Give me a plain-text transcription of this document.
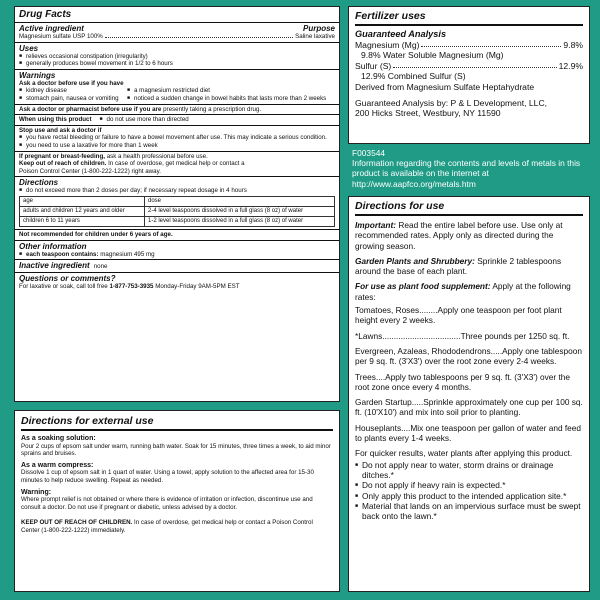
Drug Facts
Active ingredient	Purpose
Magnesium sulfate USP 100%	Saline laxative
Uses
■ relieves occasional constipation (irregularity)
■ generally produces bowel movement in 1/2 to 6 hours
Warnings
Ask a doctor before use if you have
■ kidney disease
■ stomach pain, nausea or vomiting
■ a magnesium restricted diet
■ noticed a sudden change in bowel habits that lasts more than 2 weeks
Ask a doctor or pharmacist before use if you are presently taking a prescription drug.
When using this product ■ do not use more than directed
Stop use and ask a doctor if
■ you have rectal bleeding or failure to have a bowel movement after use. This may indicate a serious condition.
■ you need to use a laxative for more than 1 week
If pregnant or breast-feeding, ask a health professional before use.
Keep out of reach of children. In case of overdose, get medical help or contact a Poison Control Center (1-800-222-1222) right away.
Directions
■ do not exceed more than 2 doses per day; if necessary repeat dosage in 4 hours
age	dose
adults and children 12 years and older	2-4 level teaspoons dissolved in a full glass (8 oz) of water
children 6 to 11 years	1-2 level teaspoons dissolved in a full glass (8 oz) of water
Not recommended for children under 6 years of age.
Other information
■ each teaspoon contains: magnesium 495 mg
Inactive ingredient none
Questions or comments?
For laxative or soak, call toll free 1-877-753-3935 Monday-Friday 9AM-5PM EST
Directions for external use
As a soaking solution:
Pour 2 cups of epsom salt under warm, running bath water. Soak for 15 minutes, three times a week, to aid minor sprains and bruises.
As a warm compress:
Dissolve 1 cup of epsom salt in 1 quart of water. Using a towel, apply solution to the affected area for 15-30 minutes to help reduce swelling. Repeat as needed.
Warning:
Where prompt relief is not obtained or where there is evidence of irritation or infection, discontinue use and consult a doctor. Do not use if pregnant or diabetic, unless advised by a doctor.
KEEP OUT OF REACH OF CHILDREN. In case of overdose, get medical help or contact a Poison Control Center (1-800-222-1222) immediately.
Fertilizer uses
Guaranteed Analysis
Magnesium (Mg)	9.8%
9.8% Water Soluble Magnesium (Mg)
Sulfur (S)	12.9%
12.9% Combined Sulfur (S)
Derived from Magnesium Sulfate Heptahydrate
Guaranteed Analysis by: P & L Development, LLC,
200 Hicks Street, Westbury, NY 11590
F003544
Information regarding the contents and levels of metals in this product is available on the internet at
http://www.aapfco.org/metals.htm
Directions for use
Important: Read the entire label before use. Use only at recommended rates. Apply only as directed during the growing season.
Garden Plants and Shrubbery: Sprinkle 2 tablespoons around the base of each plant.
For use as plant food supplement: Apply at the following rates:
Tomatoes, Roses........Apply one teaspoon per foot plant height every 2 weeks.
*Lawns..................................Three pounds per 1250 sq. ft.
Evergreen, Azaleas, Rhododendrons.....Apply one tablespoon per 9 sq. ft. (3'X3') over the root zone every 2-4 weeks.
Trees....Apply two tablespoons per 9 sq. ft. (3'X3') over the root zone once every 4 months.
Garden Startup.....Sprinkle approximately one cup per 100 sq. ft. (10'X10') and mix into soil prior to planting.
Houseplants....Mix one teaspoon per gallon of water and feed to plants every 1-4 weeks.
For quicker results, water plants after applying this product.
■ Do not apply near to water, storm drains or drainage ditches.*
■ Do not apply if heavy rain is expected.*
■ Only apply this product to the intended application site.*
■ Material that lands on an impervious surface must be swept back onto the lawn.*
